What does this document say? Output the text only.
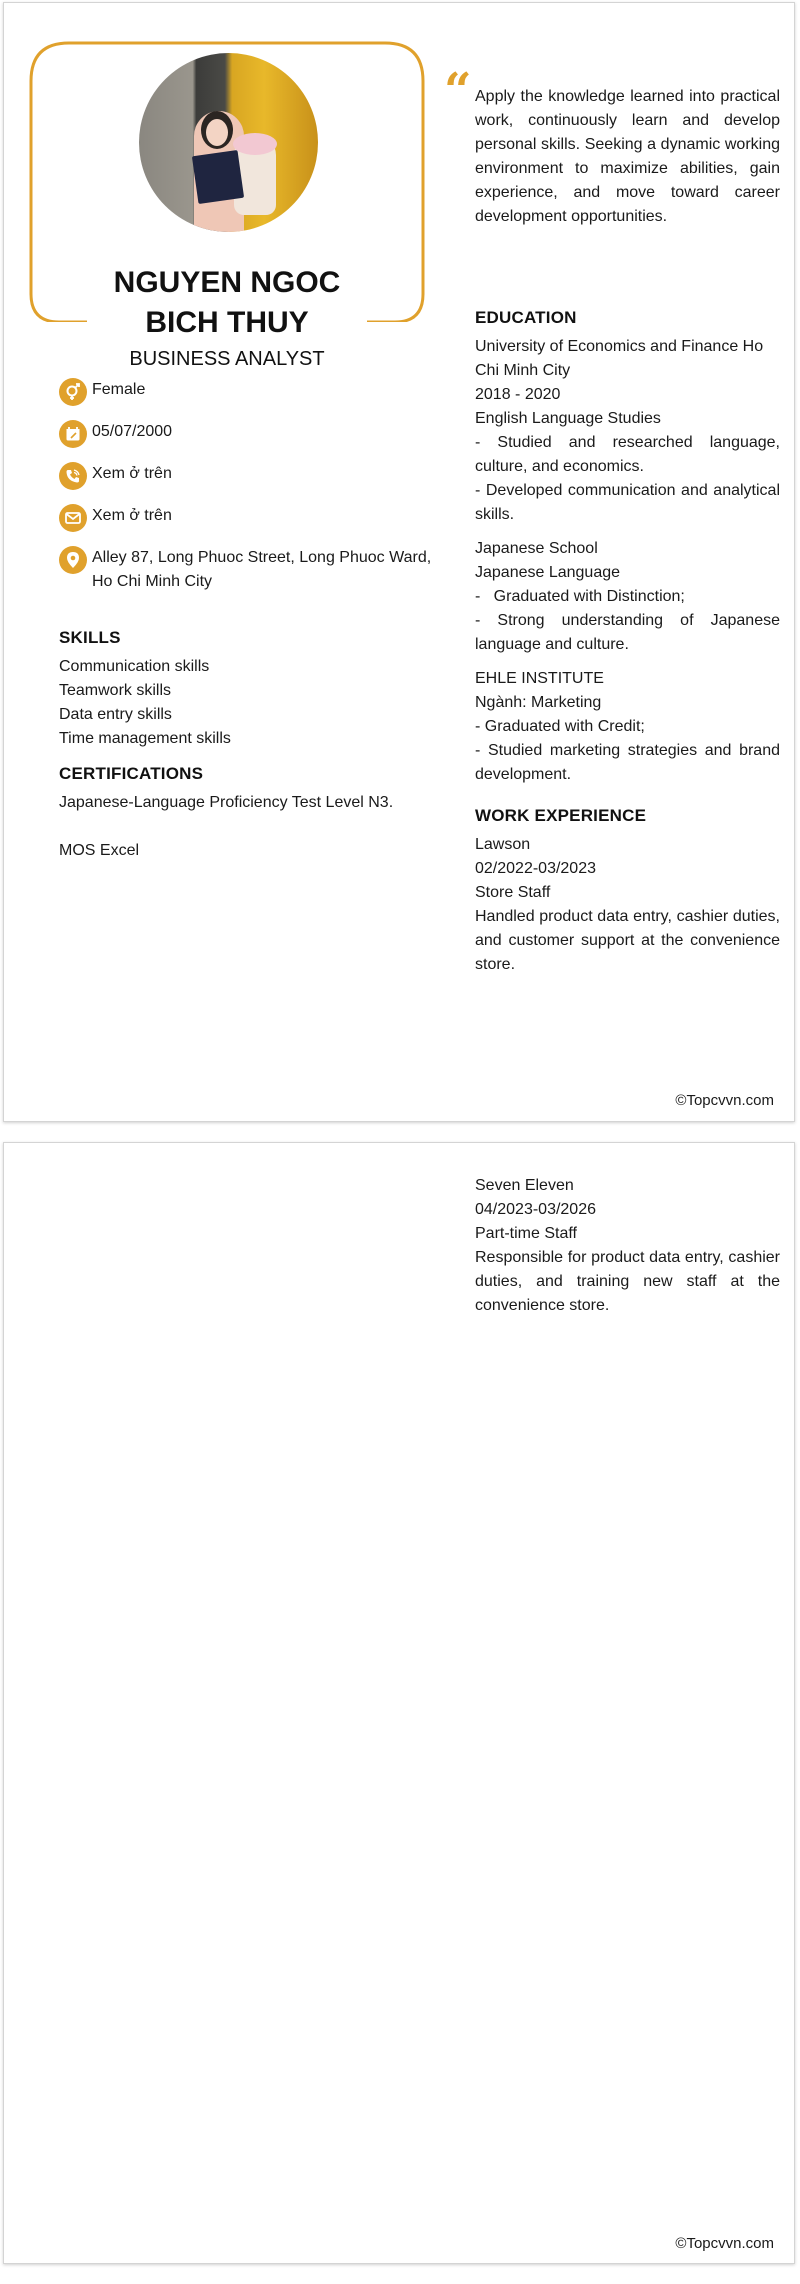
NGUYEN NGOC
BICH THUY
BUSINESS ANALYST
Female
05/07/2000
Xem ở trên
Xem ở trên
Alley 87, Long Phuoc Street, Long Phuoc Ward, Ho Chi Minh City
SKILLS
Communication skills
Teamwork skills
Data entry skills
Time management skills
CERTIFICATIONS
Japanese-Language Proficiency Test Level N3.
MOS Excel
“ Apply the knowledge learned into practical work, continuously learn and develop personal skills. Seeking a dynamic working environment to maximize abilities, gain experience, and move toward career development opportunities.
EDUCATION
University of Economics and Finance Ho Chi Minh City
2018 - 2020
English Language Studies
- Studied and researched language, culture, and economics.
- Developed communication and analytical skills.
Japanese School
Japanese Language
-   Graduated with Distinction;
- Strong understanding of Japanese language and culture.
EHLE INSTITUTE
Ngành: Marketing
- Graduated with Credit;
- Studied marketing strategies and brand development.
WORK EXPERIENCE
Lawson
02/2022-03/2023
Store Staff
Handled product data entry, cashier duties, and customer support at the convenience store.
©Topcvvn.com
Seven Eleven
04/2023-03/2026
Part-time Staff
Responsible for product data entry, cashier duties, and training new staff at the convenience store.
©Topcvvn.com
